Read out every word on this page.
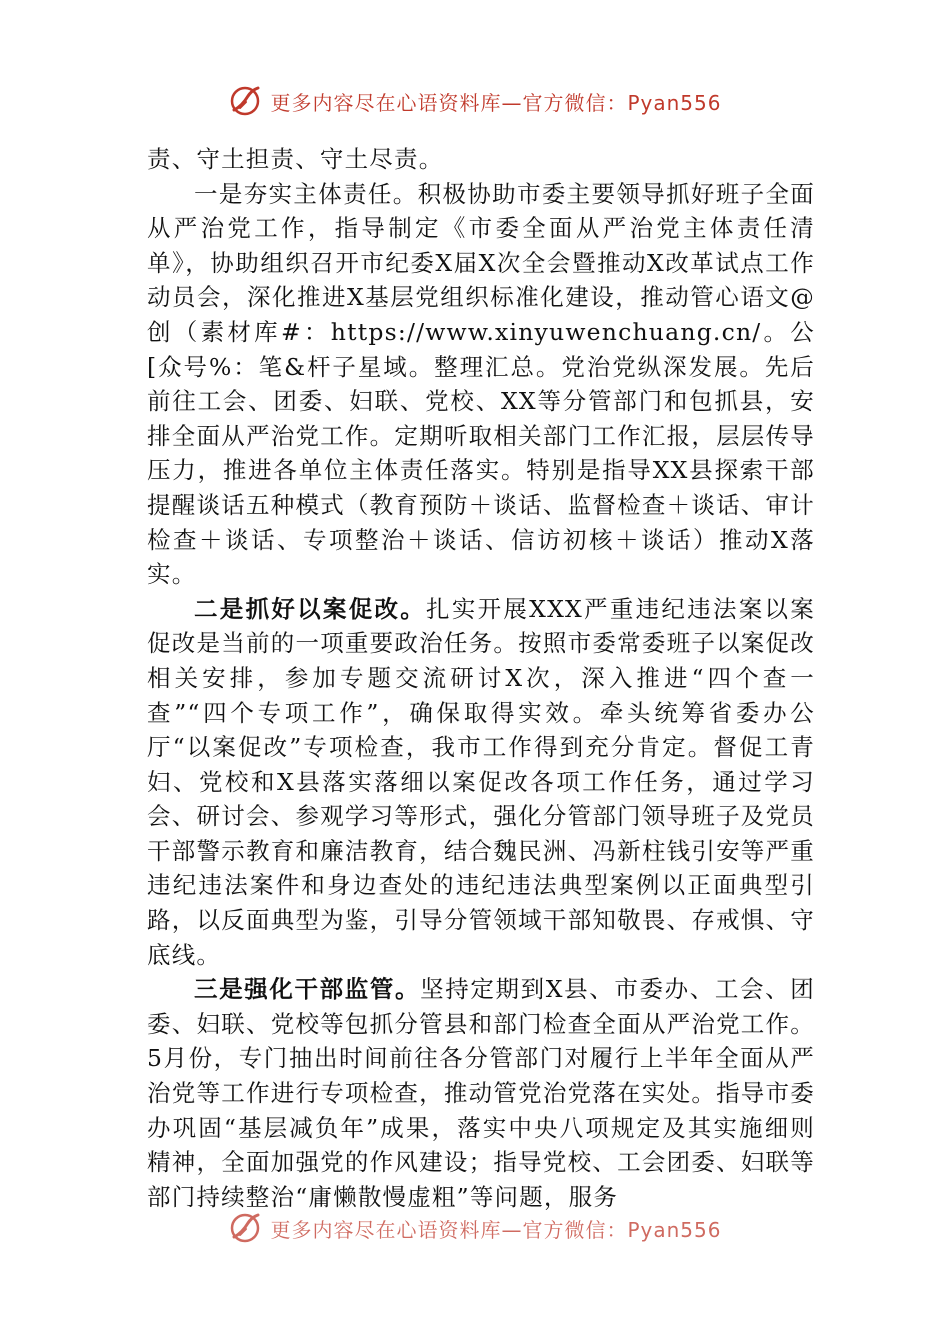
更多内容尽在心语资料库—官方微信：Pyan556

责、守土担责、守土尽责。

一是夯实主体责任。积极协助市委主要领导抓好班子全面从严治党工作，指导制定《市委全面从严治党主体责任清单》，协助组织召开市纪委X届X次全会暨推动X改革试点工作动员会，深化推进X基层党组织标准化建设，推动管心语文@创（素材库#：https://www.xinyuwenchuang.cn/。公[众号%：笔&杆子星域。整理汇总。党治党纵深发展。先后前往工会、团委、妇联、党校、XX等分管部门和包抓县，安排全面从严治党工作。定期听取相关部门工作汇报，层层传导压力，推进各单位主体责任落实。特别是指导XX县探索干部提醒谈话五种模式（教育预防＋谈话、监督检查＋谈话、审计检查＋谈话、专项整治＋谈话、信访初核＋谈话）推动X落实。

二是抓好以案促改。扎实开展XXX严重违纪违法案以案促改是当前的一项重要政治任务。按照市委常委班子以案促改相关安排，参加专题交流研讨X次，深入推进“四个查一查”“四个专项工作”，确保取得实效。牵头统筹省委办公厅“以案促改”专项检查，我市工作得到充分肯定。督促工青妇、党校和X县落实落细以案促改各项工作任务，通过学习会、研讨会、参观学习等形式，强化分管部门领导班子及党员干部警示教育和廉洁教育，结合魏民洲、冯新柱钱引安等严重违纪违法案件和身边查处的违纪违法典型案例以正面典型引路，以反面典型为鉴，引导分管领域干部知敬畏、存戒惧、守底线。

三是强化干部监管。坚持定期到X县、市委办、工会、团委、妇联、党校等包抓分管县和部门检查全面从严治党工作。5月份，专门抽出时间前往各分管部门对履行上半年全面从严治党等工作进行专项检查，推动管党治党落在实处。指导市委办巩固“基层减负年”成果，落实中央八项规定及其实施细则精神，全面加强党的作风建设；指导党校、工会团委、妇联等部门持续整治“庸懒散慢虚粗”等问题，服务

更多内容尽在心语资料库—官方微信：Pyan556
